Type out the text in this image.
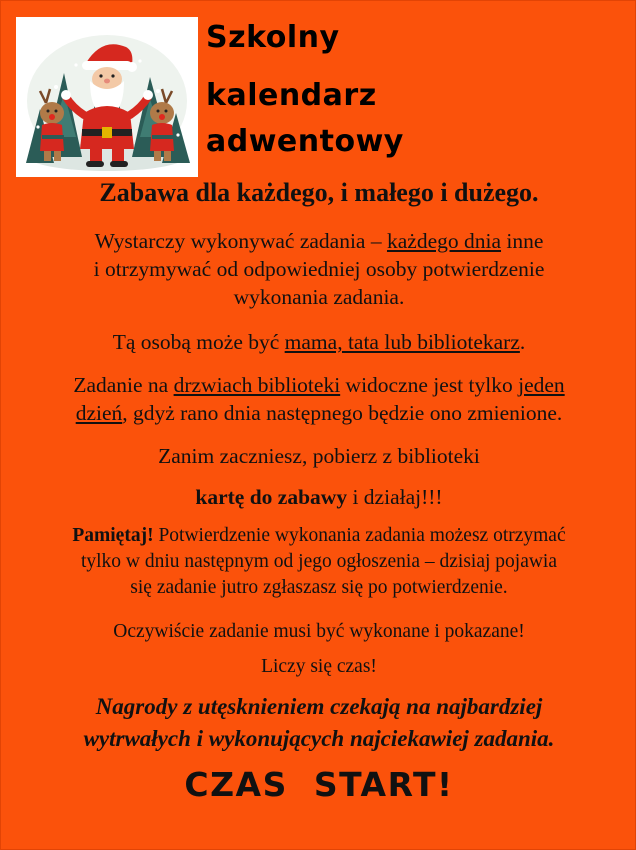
Szkolny
kalendarz
adwentowy
Zabawa dla każdego, i małego i dużego.
Wystarczy wykonywać zadania – każdego dnia inne
i otrzymywać od odpowiedniej osoby potwierdzenie
wykonania zadania.
Tą osobą może być mama, tata lub bibliotekarz.
Zadanie na drzwiach biblioteki widoczne jest tylko jeden
dzień, gdyż rano dnia następnego będzie ono zmienione.
Zanim zaczniesz, pobierz z biblioteki
kartę do zabawy i działaj!!!
Pamiętaj! Potwierdzenie wykonania zadania możesz otrzymać
tylko w dniu następnym od jego ogłoszenia – dzisiaj pojawia
się zadanie jutro zgłaszasz się po potwierdzenie.
Oczywiście zadanie musi być wykonane i pokazane!
Liczy się czas!
Nagrody z utęsknieniem czekają na najbardziej
wytrwałych i wykonujących najciekawiej zadania.
CZAS  START!
